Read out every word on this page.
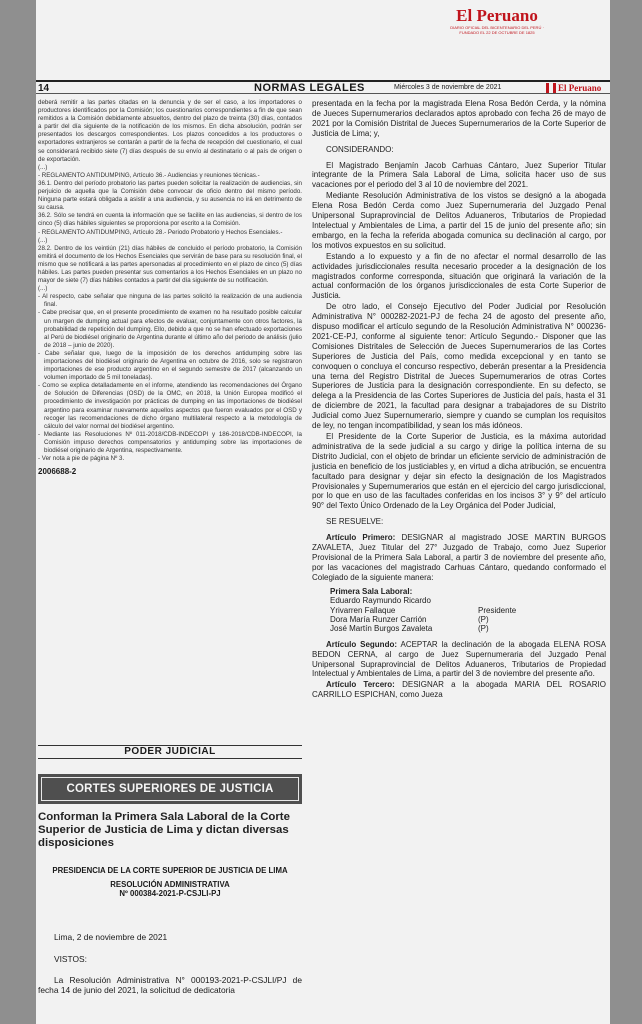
El Peruano
DIARIO OFICIAL DEL BICENTENARIO DEL PERÚ · FUNDADO EL 22 DE OCTUBRE DE 1825
14	NORMAS LEGALES	Miércoles 3 de noviembre de 2021	El Peruano

deberá remitir a las partes citadas en la denuncia y de ser el caso, a los importadores o productores identificados por la Comisión; los cuestionarios correspondientes a fin de que sean remitidos a la Comisión debidamente absueltos, dentro del plazo de treinta (30) días, contados a partir del día siguiente de la notificación de los mismos. En dicha absolución, podrán ser presentados los descargos correspondientes. Los plazos concedidos a los productores o exportadores extranjeros se contarán a partir de la fecha de recepción del cuestionario, el cual se considerará recibido siete (7) días después de su envío al destinatario o al país de origen o de exportación.

(...)

- REGLAMENTO ANTIDUMPING, Artículo 36.- Audiencias y reuniones técnicas.-

36.1. Dentro del período probatorio las partes pueden solicitar la realización de audiencias, sin perjuicio de aquella que la Comisión debe convocar de oficio dentro del mismo período. Ninguna parte estará obligada a asistir a una audiencia, y su ausencia no irá en detrimento de su causa.

36.2. Sólo se tendrá en cuenta la información que se facilite en las audiencias, si dentro de los cinco (5) días hábiles siguientes se proporciona por escrito a la Comisión.

- REGLAMENTO ANTIDUMPING, Artículo 28.- Periodo Probatorio y Hechos Esenciales.-

(...)

28.2. Dentro de los veintiún (21) días hábiles de concluido el período probatorio, la Comisión emitirá el documento de los Hechos Esenciales que servirán de base para su resolución final, el mismo que se notificará a las partes apersonadas al procedimiento en el plazo de cinco (5) días hábiles. Las partes pueden presentar sus comentarios a los Hechos Esenciales en un plazo no mayor de siete (7) días hábiles contados a partir del día siguiente de su notificación.

(...)

- Al respecto, cabe señalar que ninguna de las partes solicitó la realización de una audiencia final.

- Cabe precisar que, en el presente procedimiento de examen no ha resultado posible calcular un margen de dumping actual para efectos de evaluar, conjuntamente con otros factores, la probabilidad de repetición del dumping. Ello, debido a que no se han efectuado exportaciones al Perú de biodiésel originario de Argentina durante el último año del periodo de análisis (julio de 2018 – junio de 2020).

- Cabe señalar que, luego de la imposición de los derechos antidumping sobre las importaciones del biodiésel originario de Argentina en octubre de 2016, solo se registraron importaciones de ese producto argentino en el segundo semestre de 2017 (alcanzando un volumen importado de 5 mil toneladas).

- Como se explica detalladamente en el informe, atendiendo las recomendaciones del Órgano de Solución de Diferencias (OSD) de la OMC, en 2018, la Unión Europea modificó el procedimiento de investigación por prácticas de dumping en las importaciones de biodiésel argentino para examinar nuevamente aquellos aspectos que fueron evaluados por el OSD y recoger las recomendaciones de dicho órgano multilateral respecto a la metodología de cálculo del valor normal del biodiésel argentino.

- Mediante las Resoluciones Nº 011-2018/CDB-INDECOPI y 186-2018/CDB-INDECOPI, la Comisión impuso derechos compensatorios y antidumping sobre las importaciones de biodiésel originario de Argentina, respectivamente.

- Ver nota a pie de página Nº 3.

2006688-2
PODER JUDICIAL
CORTES SUPERIORES DE JUSTICIA
Conforman la Primera Sala Laboral de la Corte Superior de Justicia de Lima y dictan diversas disposiciones
PRESIDENCIA DE LA CORTE SUPERIOR DE JUSTICIA DE LIMA
RESOLUCIÓN ADMINISTRATIVA
Nº 000384-2021-P-CSJLI-PJ
Lima, 2 de noviembre de 2021
VISTOS:
La Resolución Administrativa N° 000193-2021-P-CSJLI/PJ de fecha 14 de junio del 2021, la solicitud de dedicatoria

presentada en la fecha por la magistrada Elena Rosa Bedón Cerda, y la nómina de Jueces Supernumerarios declarados aptos aprobado con fecha 26 de mayo de 2021 por la Comisión Distrital de Jueces Supernumerarios de la Corte Superior de Justicia de Lima; y,

CONSIDERANDO:

El Magistrado Benjamín Jacob Carhuas Cántaro, Juez Superior Titular integrante de la Primera Sala Laboral de Lima, solicita hacer uso de sus vacaciones por el periodo del 3 al 10 de noviembre del 2021.

Mediante Resolución Administrativa de los vistos se designó a la abogada Elena Rosa Bedón Cerda como Juez Supernumeraria del Juzgado Penal Unipersonal Supraprovincial de Delitos Aduaneros, Tributarios de Propiedad Intelectual y Ambientales de Lima, a partir del 15 de junio del presente año; sin embargo, en la fecha la referida abogada comunica su declinación al cargo, por los motivos expuestos en su solicitud.

Estando a lo expuesto y a fin de no afectar el normal desarrollo de las actividades jurisdiccionales resulta necesario proceder a la designación de los magistrados conforme corresponda, situación que originará la variación de la actual conformación de los órganos jurisdiccionales de esta Corte Superior de Justicia.

De otro lado, el Consejo Ejecutivo del Poder Judicial por Resolución Administrativa N° 000282-2021-PJ de fecha 24 de agosto del presente año, dispuso modificar el artículo segundo de la Resolución Administrativa N° 000236-2021-CE-PJ, conforme al siguiente tenor: Artículo Segundo.- Disponer que las Comisiones Distritales de Selección de Jueces Supernumerarios de las Cortes Superiores de Justicia del País, como medida excepcional y en tanto se convoquen o concluya el concurso respectivo, deberán presentar a la Presidencia una terna del Registro Distrital de Jueces Supernumerarios de otras Cortes Superiores de Justicia para la designación correspondiente. En su defecto, se delega a la Presidencia de las Cortes Superiores de Justicia del país, hasta el 31 de diciembre de 2021, la facultad para designar a trabajadores de su Distrito Judicial como Juez Supernumerario, siempre y cuando se cumplan los requisitos de ley, no tengan incompatibilidad, y sean los más idóneos.

El Presidente de la Corte Superior de Justicia, es la máxima autoridad administrativa de la sede judicial a su cargo y dirige la política interna de su Distrito Judicial, con el objeto de brindar un eficiente servicio de administración de justicia en beneficio de los justiciables y, en virtud a dicha atribución, se encuentra facultado para designar y dejar sin efecto la designación de los Magistrados Provisionales y Supernumerarios que están en el ejercicio del cargo jurisdiccional, por lo que en uso de las facultades conferidas en los incisos 3° y 9° del artículo 90° del Texto Único Ordenado de la Ley Orgánica del Poder Judicial,

SE RESUELVE:

Artículo Primero: DESIGNAR al magistrado JOSE MARTIN BURGOS ZAVALETA, Juez Titular del 27° Juzgado de Trabajo, como Juez Superior Provisional de la Primera Sala Laboral, a partir 3 de noviembre del presente año, por las vacaciones del magistrado Carhuas Cántaro, quedando conformado el Colegiado de la siguiente manera:

Primera Sala Laboral:
Eduardo Raymundo Ricardo
Yrivarren Fallaque	Presidente
Dora María Runzer Carrión	(P)
José Martín Burgos Zavaleta	(P)

Artículo Segundo: ACEPTAR la declinación de la abogada ELENA ROSA BEDON CERNA, al cargo de Juez Supernumeraria del Juzgado Penal Unipersonal Supraprovincial de Delitos Aduaneros, Tributarios de Propiedad Intelectual y Ambientales de Lima, a partir del 3 de noviembre del presente año.

Artículo Tercero: DESIGNAR a la abogada MARIA DEL ROSARIO CARRILLO ESPICHAN, como Jueza
